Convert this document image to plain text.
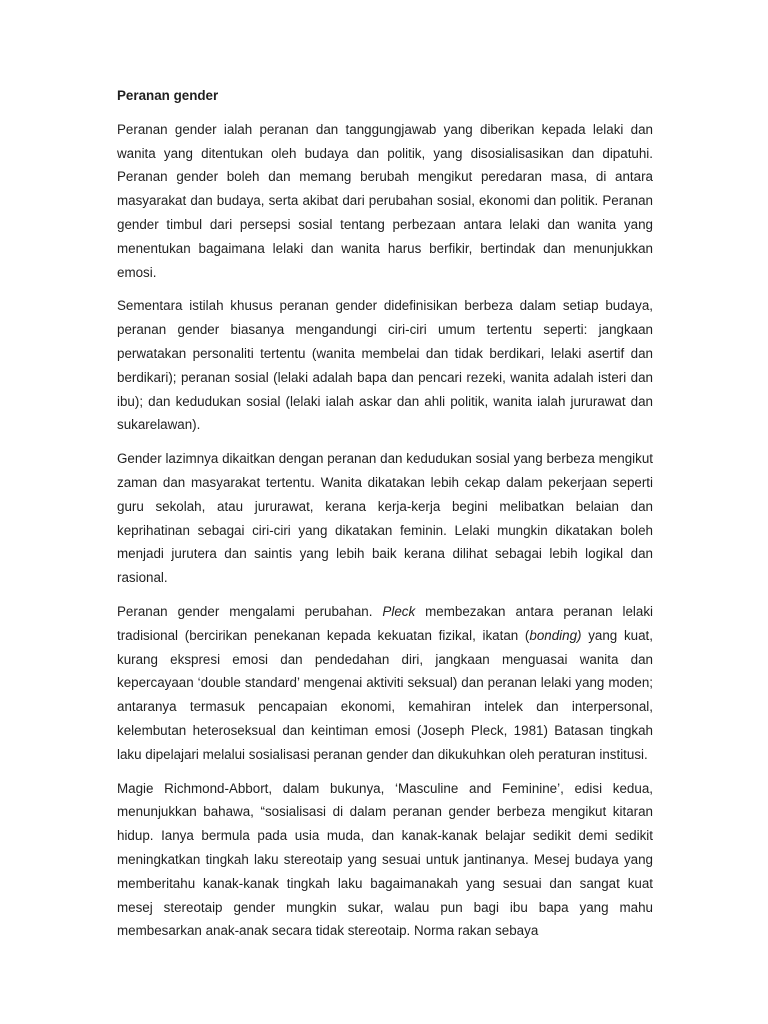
Peranan gender

Peranan gender ialah peranan dan tanggungjawab yang diberikan kepada lelaki dan wanita yang ditentukan oleh budaya dan politik, yang disosialisasikan dan dipatuhi. Peranan gender boleh dan memang berubah mengikut peredaran masa, di antara masyarakat dan budaya, serta akibat dari perubahan sosial, ekonomi dan politik. Peranan gender timbul dari persepsi sosial tentang perbezaan antara lelaki dan wanita yang menentukan bagaimana lelaki dan wanita harus berfikir, bertindak dan menunjukkan emosi.

Sementara istilah khusus peranan gender didefinisikan berbeza dalam setiap budaya, peranan gender biasanya mengandungi ciri-ciri umum tertentu seperti: jangkaan perwatakan personaliti tertentu (wanita membelai dan tidak berdikari, lelaki asertif dan berdikari); peranan sosial (lelaki adalah bapa dan pencari rezeki, wanita adalah isteri dan ibu); dan kedudukan sosial (lelaki ialah askar dan ahli politik, wanita ialah jururawat dan sukarelawan).

Gender lazimnya dikaitkan dengan peranan dan kedudukan sosial yang berbeza mengikut zaman dan masyarakat tertentu. Wanita dikatakan lebih cekap dalam pekerjaan seperti guru sekolah, atau jururawat, kerana kerja-kerja begini melibatkan belaian dan keprihatinan sebagai ciri-ciri yang dikatakan feminin. Lelaki mungkin dikatakan boleh menjadi jurutera dan saintis yang lebih baik kerana dilihat sebagai lebih logikal dan rasional.

Peranan gender mengalami perubahan. Pleck membezakan antara peranan lelaki tradisional (bercirikan penekanan kepada kekuatan fizikal, ikatan (bonding) yang kuat, kurang ekspresi emosi dan pendedahan diri, jangkaan menguasai wanita dan kepercayaan ‘double standard’ mengenai aktiviti seksual) dan peranan lelaki yang moden; antaranya termasuk pencapaian ekonomi, kemahiran intelek dan interpersonal, kelembutan heteroseksual dan keintiman emosi (Joseph Pleck, 1981) Batasan tingkah laku dipelajari melalui sosialisasi peranan gender dan dikukuhkan oleh peraturan institusi.

Magie Richmond-Abbort, dalam bukunya, ‘Masculine and Feminine’, edisi kedua, menunjukkan bahawa, “sosialisasi di dalam peranan gender berbeza mengikut kitaran hidup. Ianya bermula pada usia muda, dan kanak-kanak belajar sedikit demi sedikit meningkatkan tingkah laku stereotaip yang sesuai untuk jantinanya. Mesej budaya yang memberitahu kanak-kanak tingkah laku bagaimanakah yang sesuai dan sangat kuat mesej stereotaip gender mungkin sukar, walau pun bagi ibu bapa yang mahu membesarkan anak-anak secara tidak stereotaip. Norma rakan sebaya
